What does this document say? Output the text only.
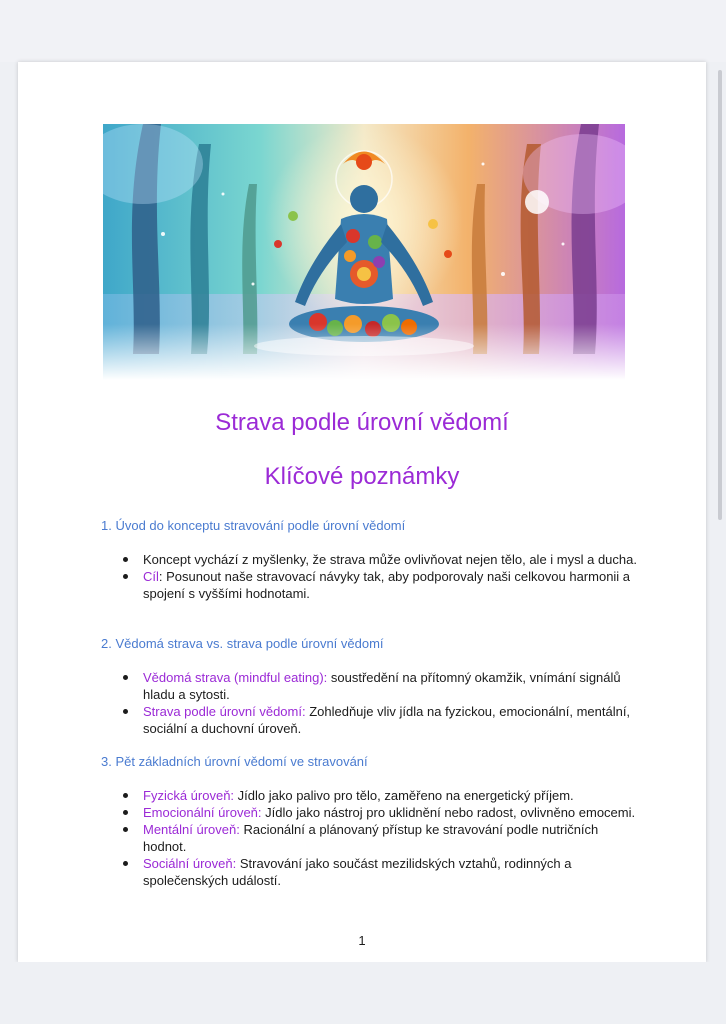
Strava podle úrovní vědomí
Klíčové poznámky

1. Úvod do konceptu stravování podle úrovní vědomí

Koncept vychází z myšlenky, že strava může ovlivňovat nejen tělo, ale i mysl a ducha.
Cíl: Posunout naše stravovací návyky tak, aby podporovaly naši celkovou harmonii a spojení s vyššími hodnotami.

2. Vědomá strava vs. strava podle úrovní vědomí

Vědomá strava (mindful eating): soustředění na přítomný okamžik, vnímání signálů hladu a sytosti.
Strava podle úrovní vědomí: Zohledňuje vliv jídla na fyzickou, emocionální, mentální, sociální a duchovní úroveň.

3. Pět základních úrovní vědomí ve stravování

Fyzická úroveň: Jídlo jako palivo pro tělo, zaměřeno na energetický příjem.
Emocionální úroveň: Jídlo jako nástroj pro uklidnění nebo radost, ovlivněno emocemi.
Mentální úroveň: Racionální a plánovaný přístup ke stravování podle nutričních hodnot.
Sociální úroveň: Stravování jako součást mezilidských vztahů, rodinných a společenských událostí.
1
